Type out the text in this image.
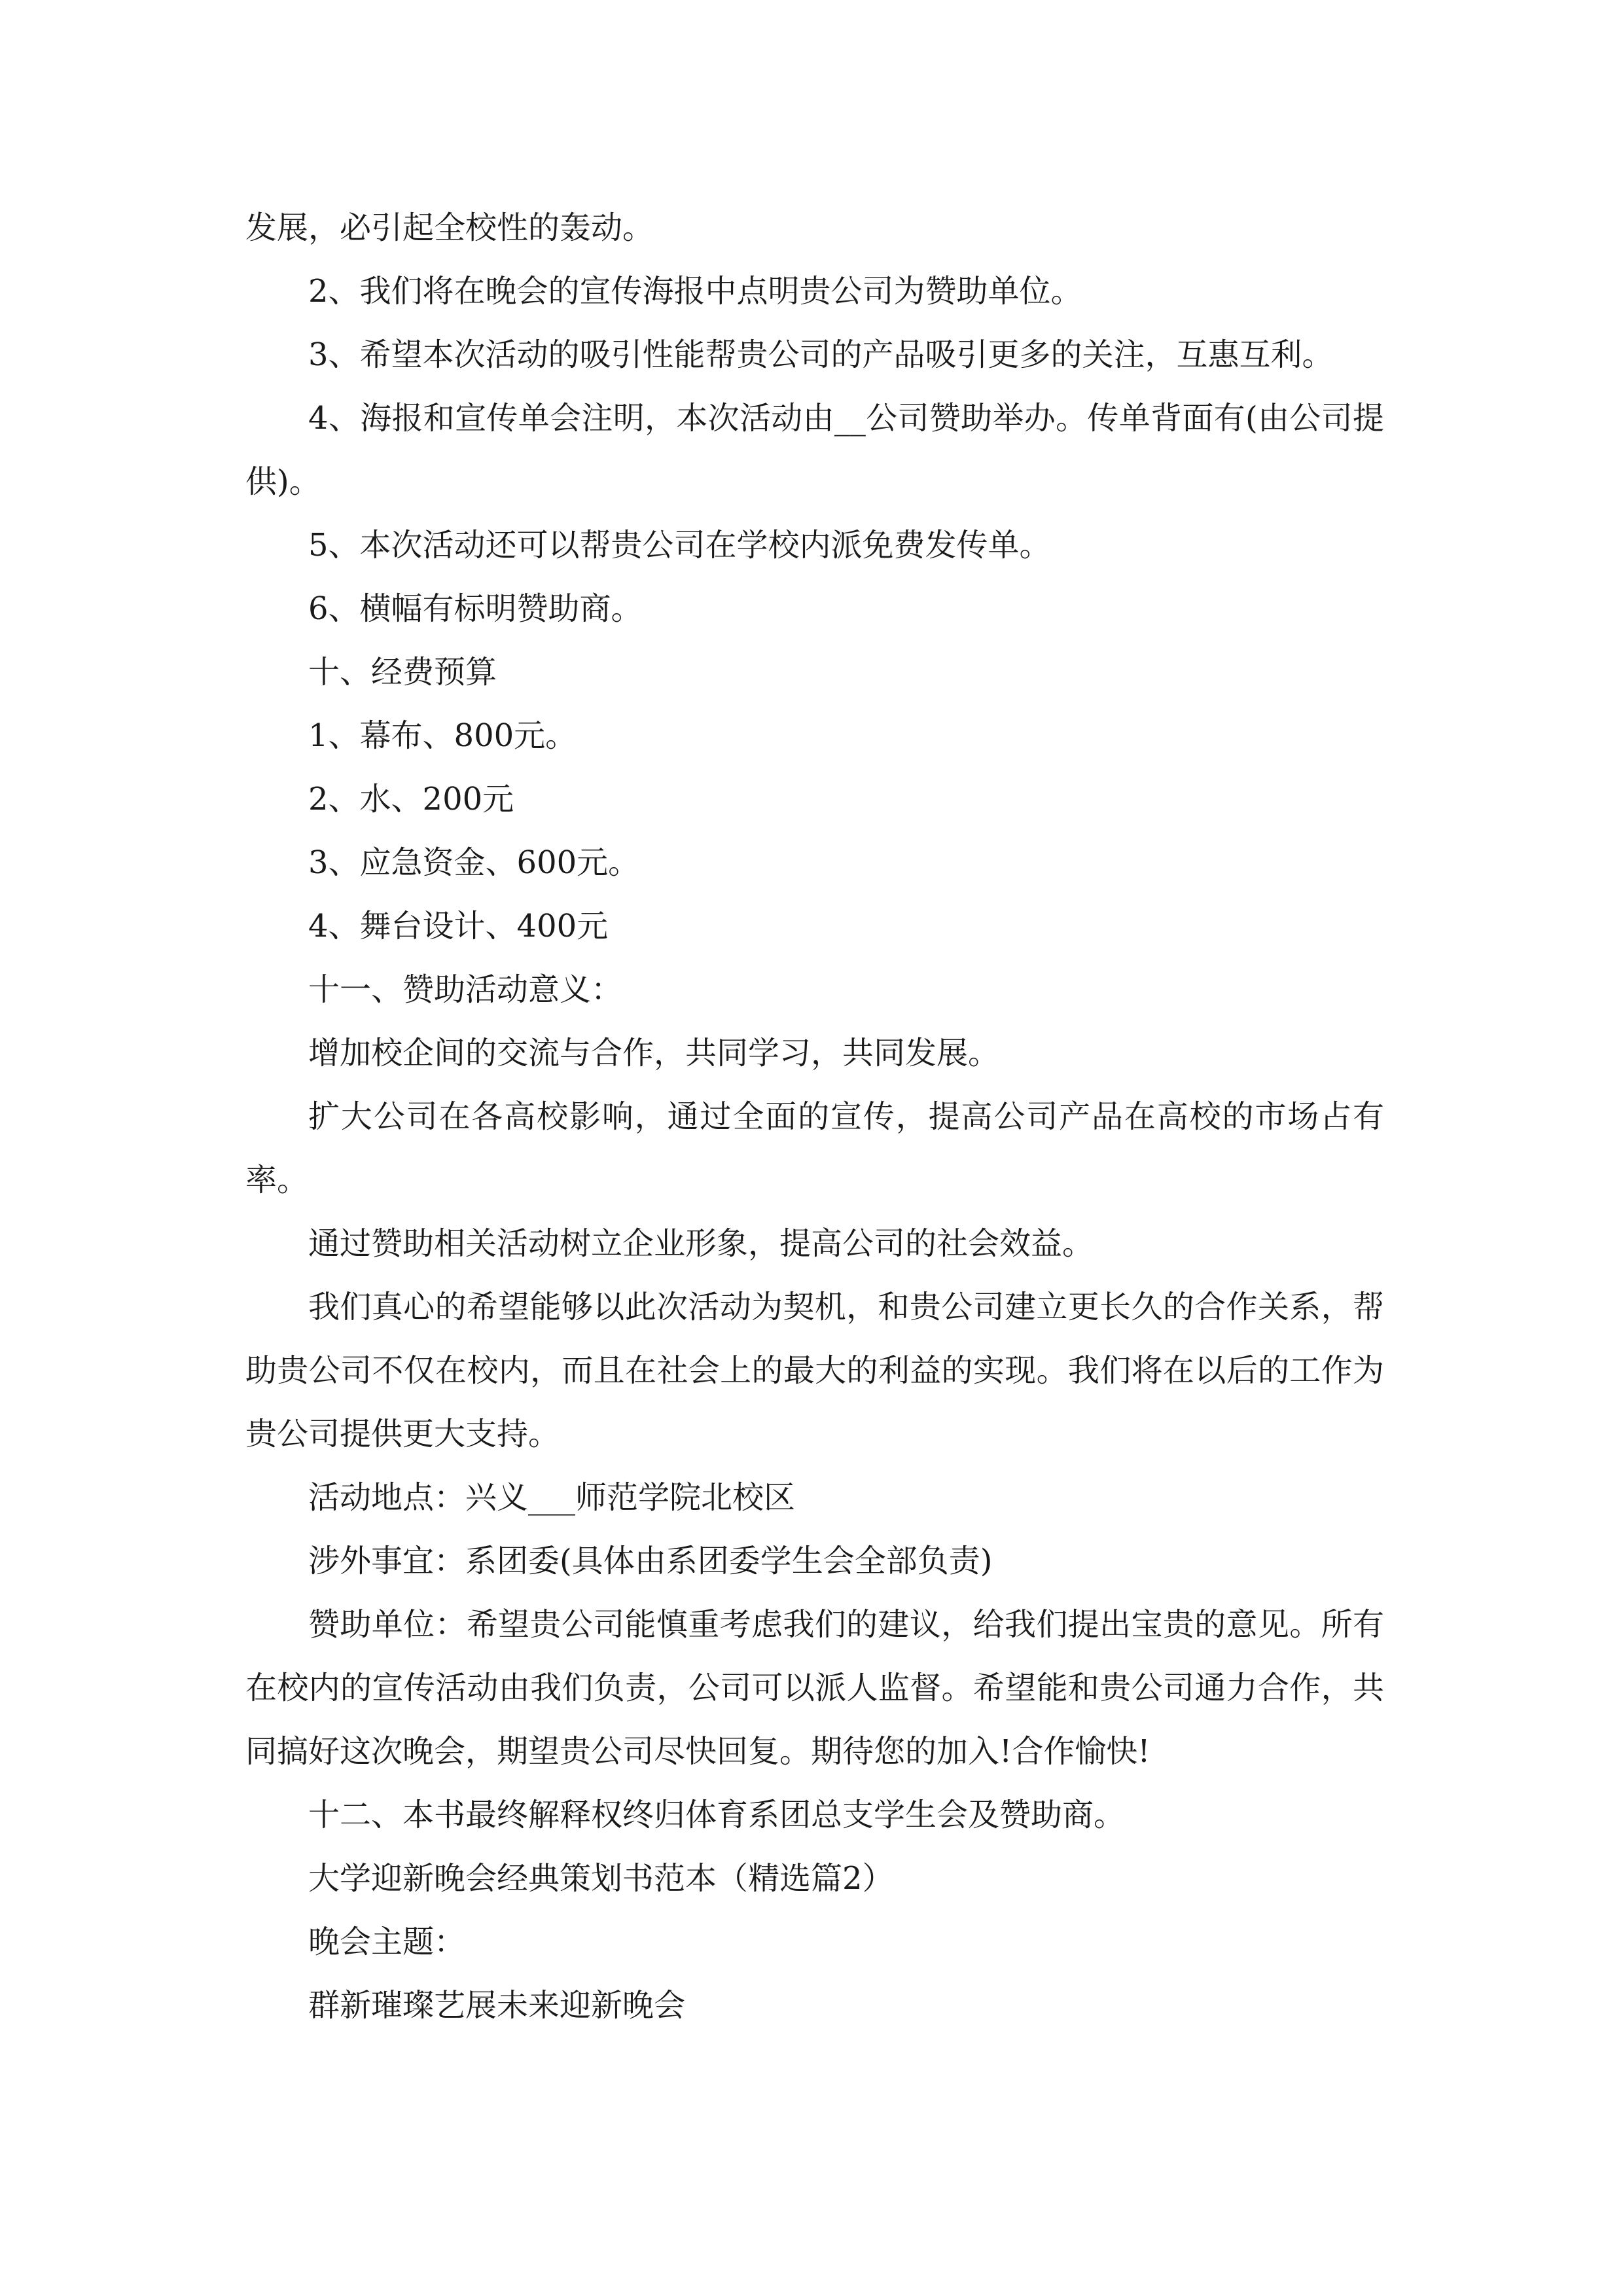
发展，必引起全校性的轰动。

2、我们将在晚会的宣传海报中点明贵公司为赞助单位。

3、希望本次活动的吸引性能帮贵公司的产品吸引更多的关注，互惠互利。

4、海报和宣传单会注明，本次活动由__公司赞助举办。传单背面有(由公司提供)。

5、本次活动还可以帮贵公司在学校内派免费发传单。

6、横幅有标明赞助商。

十、经费预算

1、幕布、800元。

2、水、200元

3、应急资金、600元。

4、舞台设计、400元

十一、赞助活动意义：

增加校企间的交流与合作，共同学习，共同发展。

扩大公司在各高校影响，通过全面的宣传，提高公司产品在高校的市场占有率。

通过赞助相关活动树立企业形象，提高公司的社会效益。

我们真心的希望能够以此次活动为契机，和贵公司建立更长久的合作关系，帮助贵公司不仅在校内，而且在社会上的最大的利益的实现。我们将在以后的工作为贵公司提供更大支持。

活动地点：兴义___师范学院北校区

涉外事宜：系团委(具体由系团委学生会全部负责)

赞助单位：希望贵公司能慎重考虑我们的建议，给我们提出宝贵的意见。所有在校内的宣传活动由我们负责，公司可以派人监督。希望能和贵公司通力合作，共同搞好这次晚会，期望贵公司尽快回复。期待您的加入!合作愉快!

十二、本书最终解释权终归体育系团总支学生会及赞助商。

大学迎新晚会经典策划书范本（精选篇2）

晚会主题：

群新璀璨艺展未来迎新晚会
